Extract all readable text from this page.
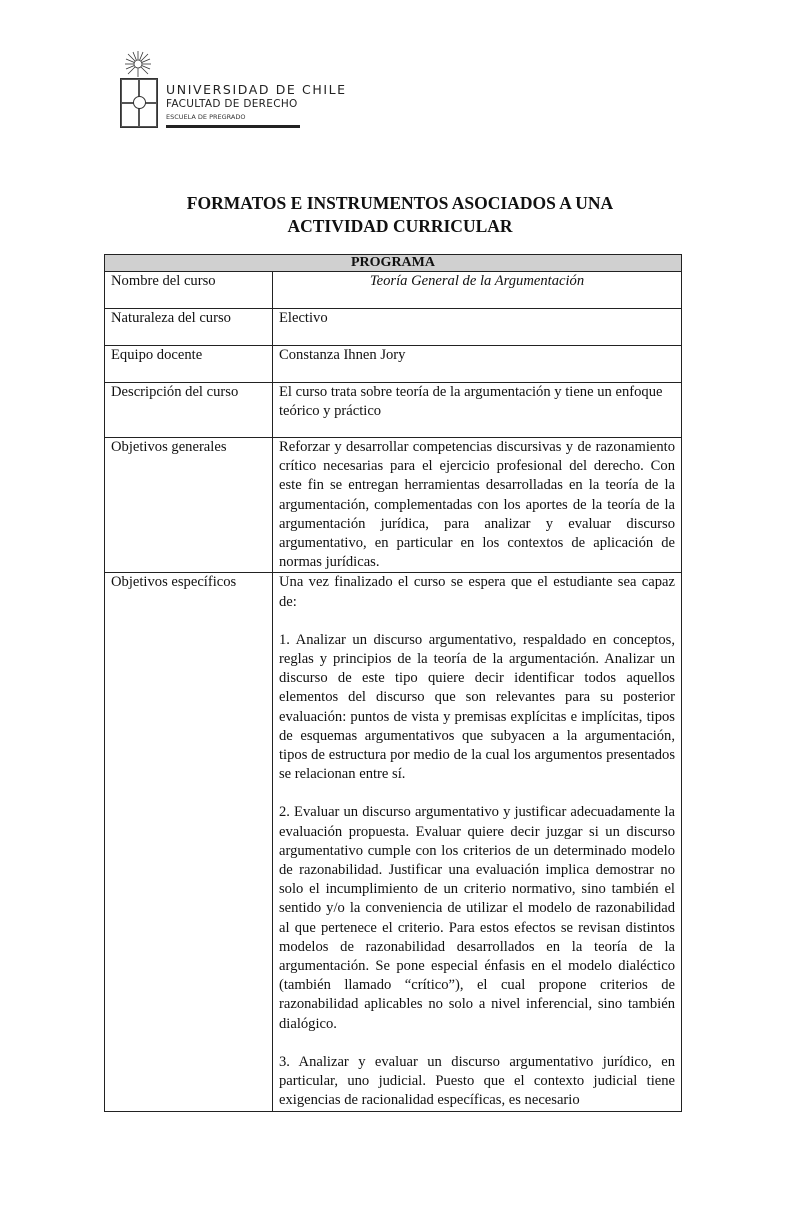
UNIVERSIDAD DE CHILE
FACULTAD DE DERECHO
ESCUELA DE PREGRADO
FORMATOS E INSTRUMENTOS ASOCIADOS A UNA
ACTIVIDAD CURRICULAR
PROGRAMA	
Nombre del curso	Teoría General de la Argumentación
Naturaleza del curso	Electivo
Equipo docente	Constanza Ihnen Jory
Descripción del curso	El curso trata sobre teoría de la argumentación y tiene un enfoque teórico y práctico
Objetivos generales	Reforzar y desarrollar competencias discursivas y de razonamiento crítico necesarias para el ejercicio profesional del derecho. Con este fin se entregan herramientas desarrolladas en la teoría de la argumentación, complementadas con los aportes de la teoría de la argumentación jurídica, para analizar y evaluar discurso argumentativo, en particular en los contextos de aplicación de normas jurídicas.
Objetivos específicos	Una vez finalizado el curso se espera que el estudiante sea capaz de:

1. Analizar un discurso argumentativo, respaldado en conceptos, reglas y principios de la teoría de la argumentación. Analizar un discurso de este tipo quiere decir identificar todos aquellos elementos del discurso que son relevantes para su posterior evaluación: puntos de vista y premisas explícitas e implícitas, tipos de esquemas argumentativos que subyacen a la argumentación, tipos de estructura por medio de la cual los argumentos presentados se relacionan entre sí.

2. Evaluar un discurso argumentativo y justificar adecuadamente la evaluación propuesta. Evaluar quiere decir juzgar si un discurso argumentativo cumple con los criterios de un determinado modelo de razonabilidad. Justificar una evaluación implica demostrar no solo el incumplimiento de un criterio normativo, sino también el sentido y/o la conveniencia de utilizar el modelo de razonabilidad al que pertenece el criterio. Para estos efectos se revisan distintos modelos de razonabilidad desarrollados en la teoría de la argumentación. Se pone especial énfasis en el modelo dialéctico (también llamado “crítico”), el cual propone criterios de razonabilidad aplicables no solo a nivel inferencial, sino también dialógico.

3. Analizar y evaluar un discurso argumentativo jurídico, en particular, uno judicial. Puesto que el contexto judicial tiene exigencias de racionalidad específicas, es necesario
